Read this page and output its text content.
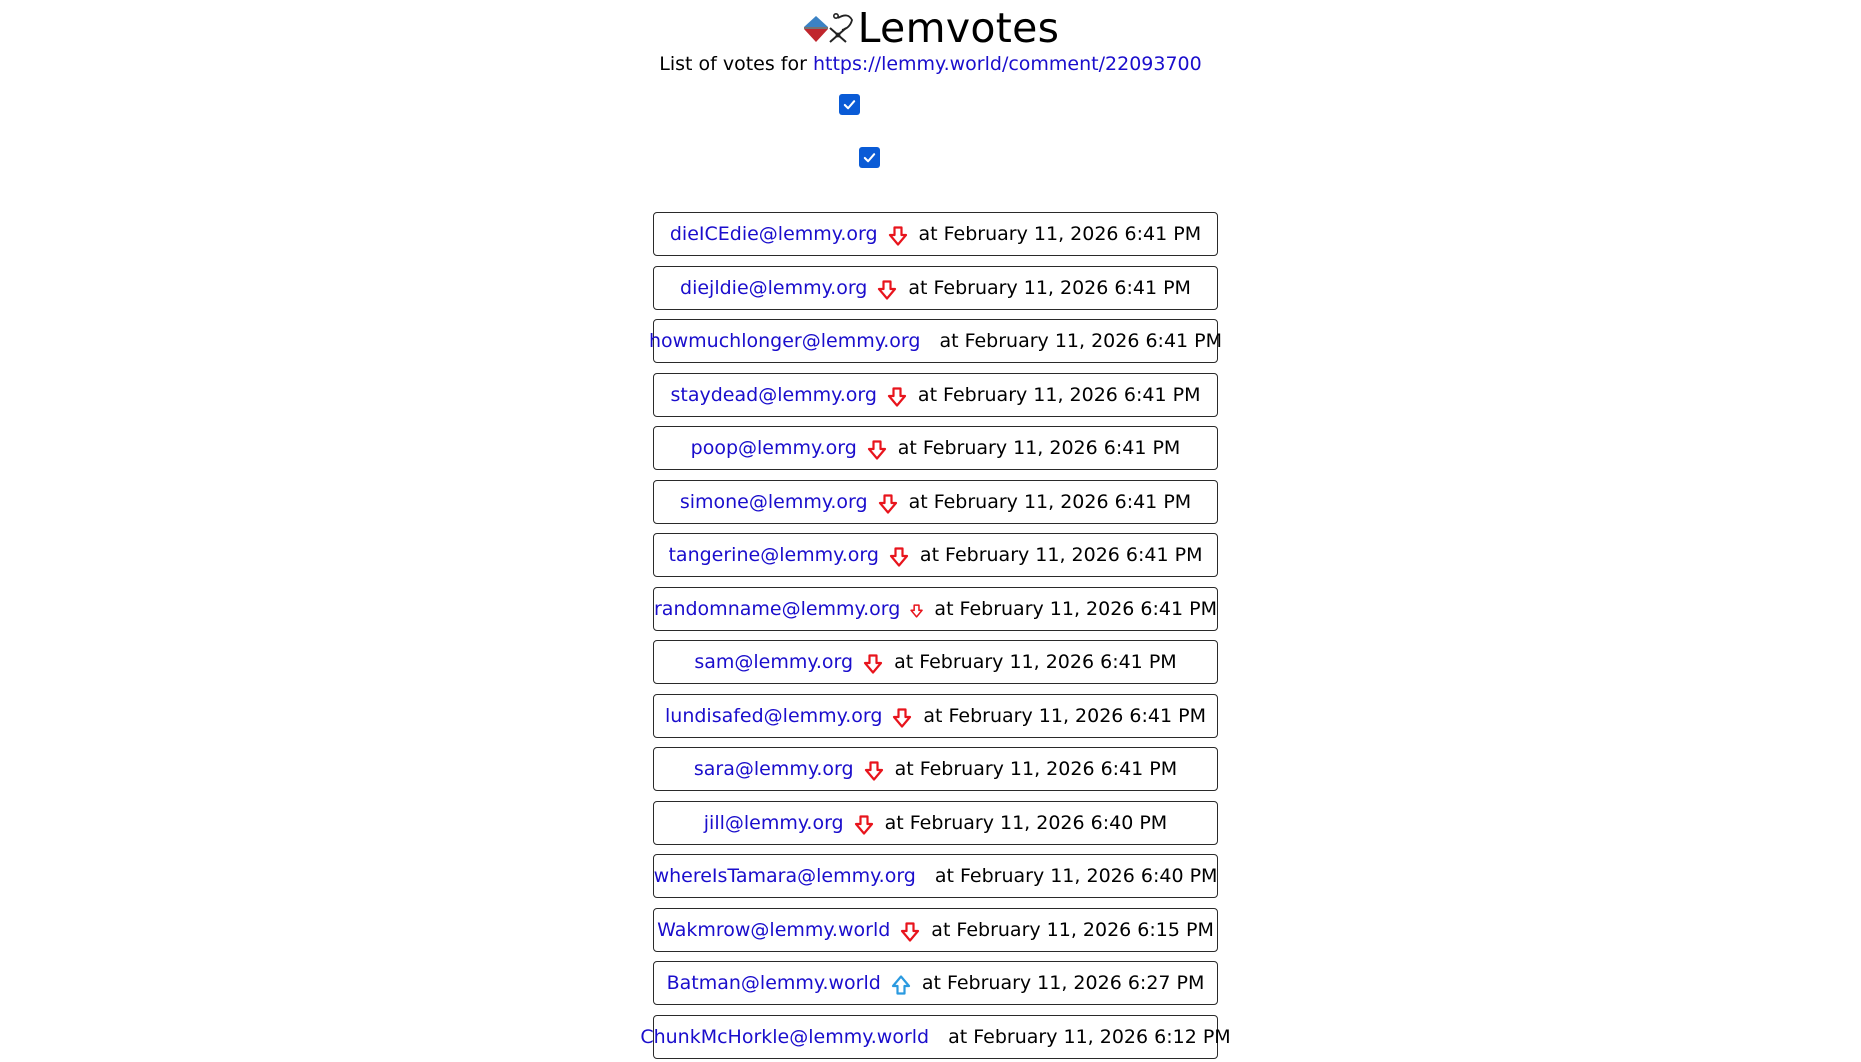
Lemvotes
List of votes for https://lemmy.world/comment/22093700
dieICEdie@lemmy.org at February 11, 2026 6:41 PM
diejldie@lemmy.org at February 11, 2026 6:41 PM
howmuchlonger@lemmy.org at February 11, 2026 6:41 PM
staydead@lemmy.org at February 11, 2026 6:41 PM
poop@lemmy.org at February 11, 2026 6:41 PM
simone@lemmy.org at February 11, 2026 6:41 PM
tangerine@lemmy.org at February 11, 2026 6:41 PM
randomname@lemmy.org at February 11, 2026 6:41 PM
sam@lemmy.org at February 11, 2026 6:41 PM
lundisafed@lemmy.org at February 11, 2026 6:41 PM
sara@lemmy.org at February 11, 2026 6:41 PM
jill@lemmy.org at February 11, 2026 6:40 PM
whereIsTamara@lemmy.org at February 11, 2026 6:40 PM
Wakmrow@lemmy.world at February 11, 2026 6:15 PM
Batman@lemmy.world at February 11, 2026 6:27 PM
ChunkMcHorkle@lemmy.world at February 11, 2026 6:12 PM
